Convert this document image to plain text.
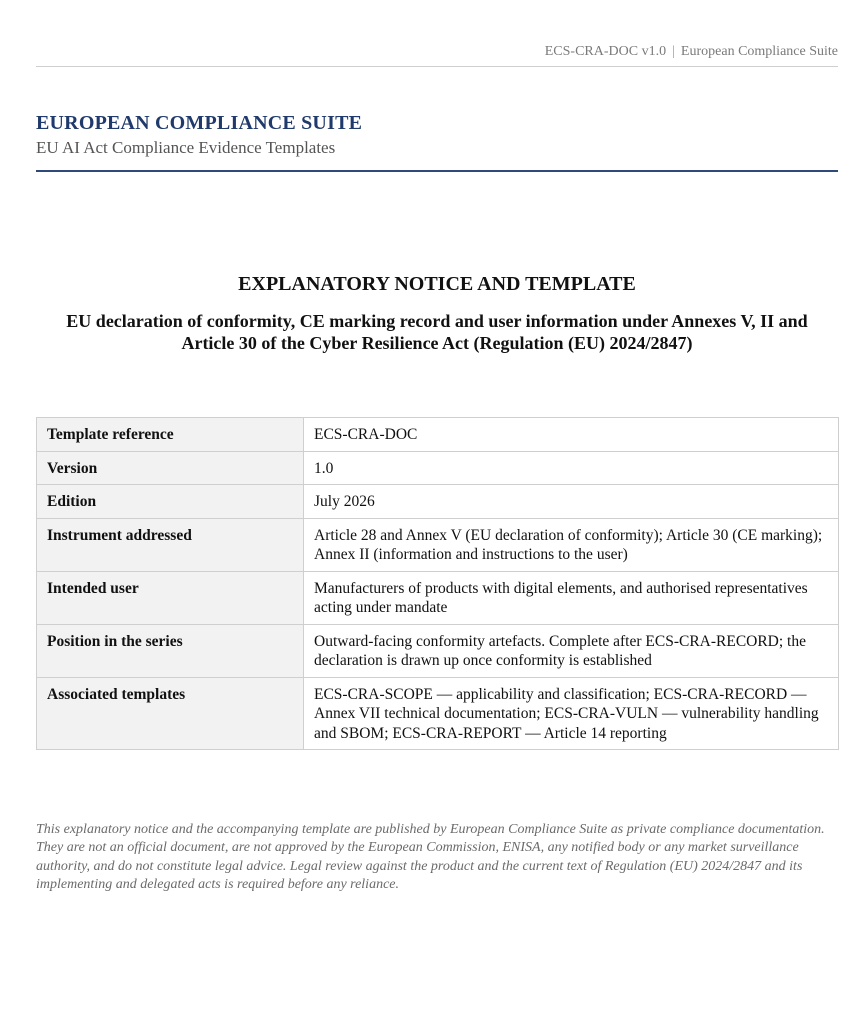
ECS-CRA-DOC v1.0 | European Compliance Suite
EUROPEAN COMPLIANCE SUITE
EU AI Act Compliance Evidence Templates
EXPLANATORY NOTICE AND TEMPLATE
EU declaration of conformity, CE marking record and user information under Annexes V, II and Article 30 of the Cyber Resilience Act (Regulation (EU) 2024/2847)
Template reference	ECS-CRA-DOC
Version	1.0
Edition	July 2026
Instrument addressed	Article 28 and Annex V (EU declaration of conformity); Article 30 (CE marking); Annex II (information and instructions to the user)
Intended user	Manufacturers of products with digital elements, and authorised representatives acting under mandate
Position in the series	Outward-facing conformity artefacts. Complete after ECS-CRA-RECORD; the declaration is drawn up once conformity is established
Associated templates	ECS-CRA-SCOPE — applicability and classification; ECS-CRA-RECORD — Annex VII technical documentation; ECS-CRA-VULN — vulnerability handling and SBOM; ECS-CRA-REPORT — Article 14 reporting
This explanatory notice and the accompanying template are published by European Compliance Suite as private compliance documentation. They are not an official document, are not approved by the European Commission, ENISA, any notified body or any market surveillance authority, and do not constitute legal advice. Legal review against the product and the current text of Regulation (EU) 2024/2847 and its implementing and delegated acts is required before any reliance.
